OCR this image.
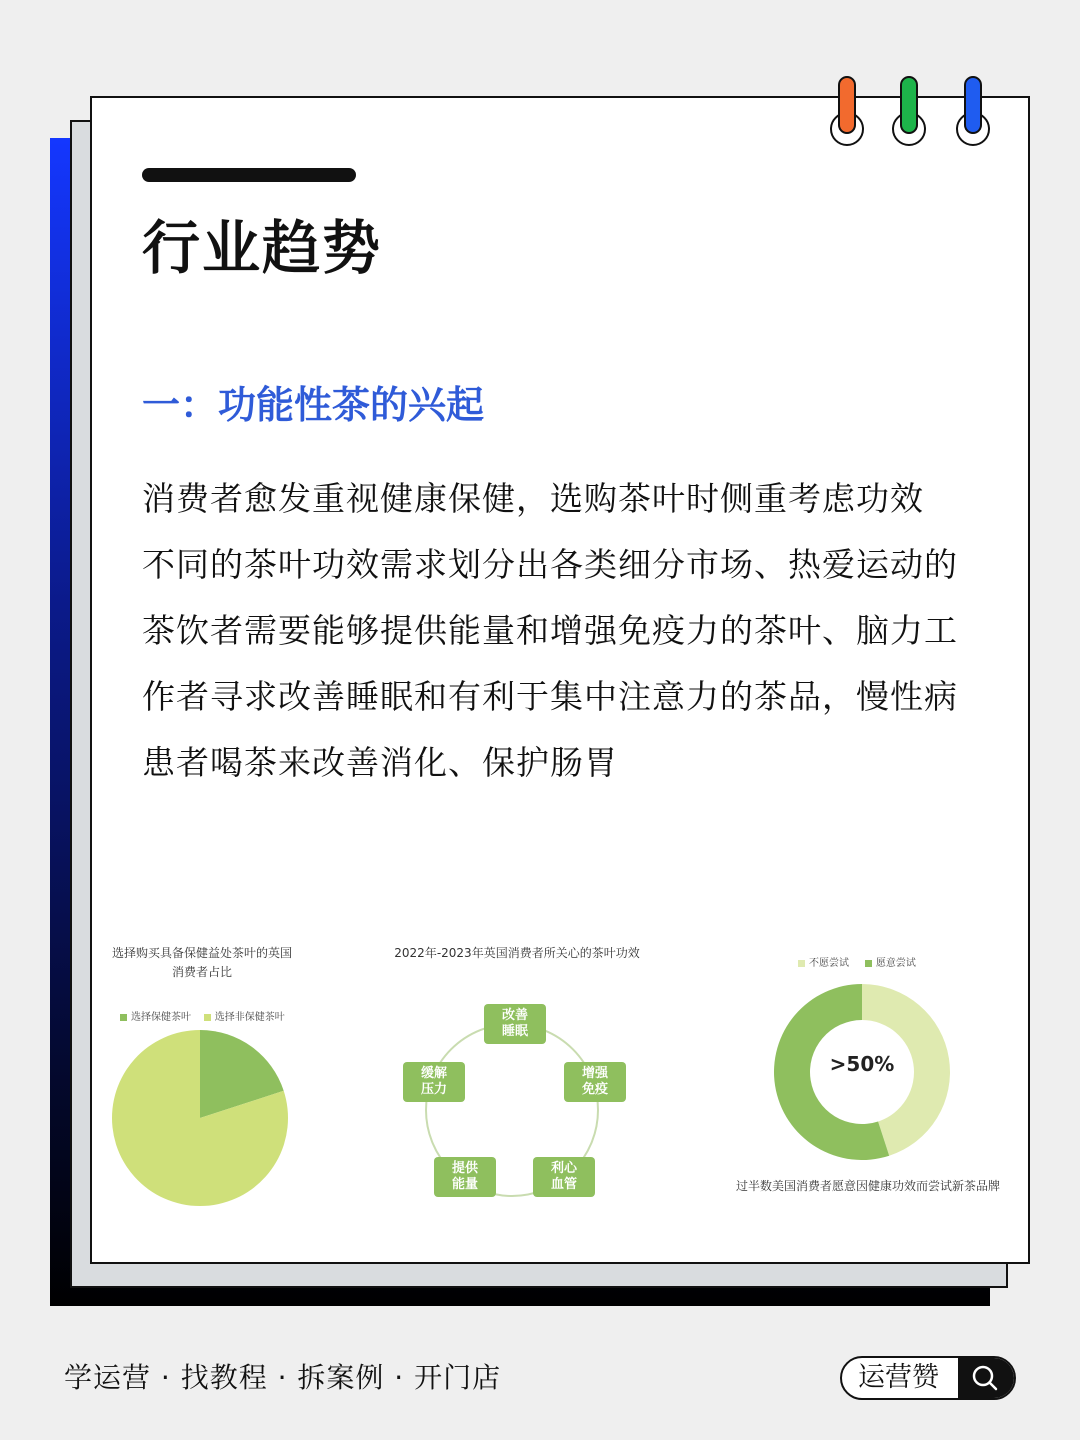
行业趋势
一：功能性茶的兴起

消费者愈发重视健康保健，选购茶叶时侧重考虑功效

不同的茶叶功效需求划分出各类细分市场、热爱运动的茶饮者需要能够提供能量和增强免疫力的茶叶、脑力工作者寻求改善睡眠和有利于集中注意力的茶品，慢性病患者喝茶来改善消化、保护肠胃

选择购买具备保健益处茶叶的英国消费者占比
选择保健茶叶 选择非保健茶叶
2022年-2023年英国消费者所关心的茶叶功效
改善睡眠
增强免疫
利心血管
提供能量
缓解压力
不愿尝试	愿意尝试
>50%
过半数美国消费者愿意因健康功效而尝试新茶品牌
学运营 · 找教程 · 拆案例 · 开门店	运营赞
